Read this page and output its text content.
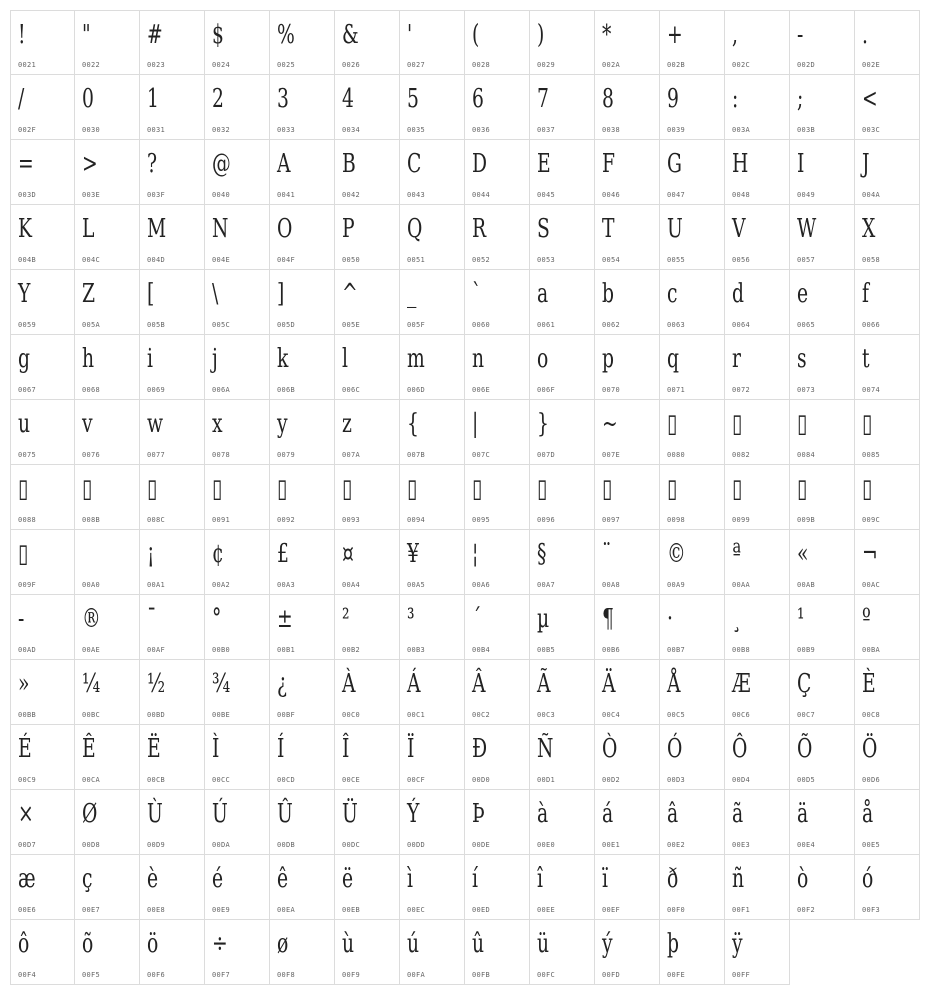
!
0021
"
0022
#
0023
$
0024
%
0025
&
0026
'
0027
(
0028
)
0029
*
002A
+
002B
,
002C
-
002D
.
002E
/
002F
0
0030
1
0031
2
0032
3
0033
4
0034
5
0035
6
0036
7
0037
8
0038
9
0039
:
003A
;
003B
<
003C
=
003D
>
003E
?
003F
@
0040
A
0041
B
0042
C
0043
D
0044
E
0045
F
0046
G
0047
H
0048
I
0049
J
004A
K
004B
L
004C
M
004D
N
004E
O
004F
P
0050
Q
0051
R
0052
S
0053
T
0054
U
0055
V
0056
W
0057
X
0058
Y
0059
Z
005A
[
005B
\
005C
]
005D
^
005E
_
005F
`
0060
a
0061
b
0062
c
0063
d
0064
e
0065
f
0066
g
0067
h
0068
i
0069
j
006A
k
006B
l
006C
m
006D
n
006E
o
006F
p
0070
q
0071
r
0072
s
0073
t
0074
u
0075
v
0076
w
0077
x
0078
y
0079
z
007A
{
007B
|
007C
}
007D
~
007E
▯
0080
▯
0082
▯
0084
▯
0085
▯
0088
▯
008B
▯
008C
▯
0091
▯
0092
▯
0093
▯
0094
▯
0095
▯
0096
▯
0097
▯
0098
▯
0099
▯
009B
▯
009C
▯
009F
	00A0
¡
00A1
¢
00A2
£
00A3
¤
00A4
¥
00A5
¦
00A6
§
00A7
¨
00A8
©
00A9
ª
00AA
«
00AB
¬
00AC
-
00AD
®
00AE
¯
00AF
°
00B0
±
00B1
²
00B2
³
00B3
´
00B4
µ
00B5
¶
00B6
·
00B7
¸
00B8
¹
00B9
º
00BA
»
00BB
¼
00BC
½
00BD
¾
00BE
¿
00BF
À
00C0
Á
00C1
Â
00C2
Ã
00C3
Ä
00C4
Å
00C5
Æ
00C6
Ç
00C7
È
00C8
É
00C9
Ê
00CA
Ë
00CB
Ì
00CC
Í
00CD
Î
00CE
Ï
00CF
Ð
00D0
Ñ
00D1
Ò
00D2
Ó
00D3
Ô
00D4
Õ
00D5
Ö
00D6
×
00D7
Ø
00D8
Ù
00D9
Ú
00DA
Û
00DB
Ü
00DC
Ý
00DD
Þ
00DE
à
00E0
á
00E1
â
00E2
ã
00E3
ä
00E4
å
00E5
æ
00E6
ç
00E7
è
00E8
é
00E9
ê
00EA
ë
00EB
ì
00EC
í
00ED
î
00EE
ï
00EF
ð
00F0
ñ
00F1
ò
00F2
ó
00F3
ô
00F4
õ
00F5
ö
00F6
÷
00F7
ø
00F8
ù
00F9
ú
00FA
û
00FB
ü
00FC
ý
00FD
þ
00FE
ÿ
00FF
